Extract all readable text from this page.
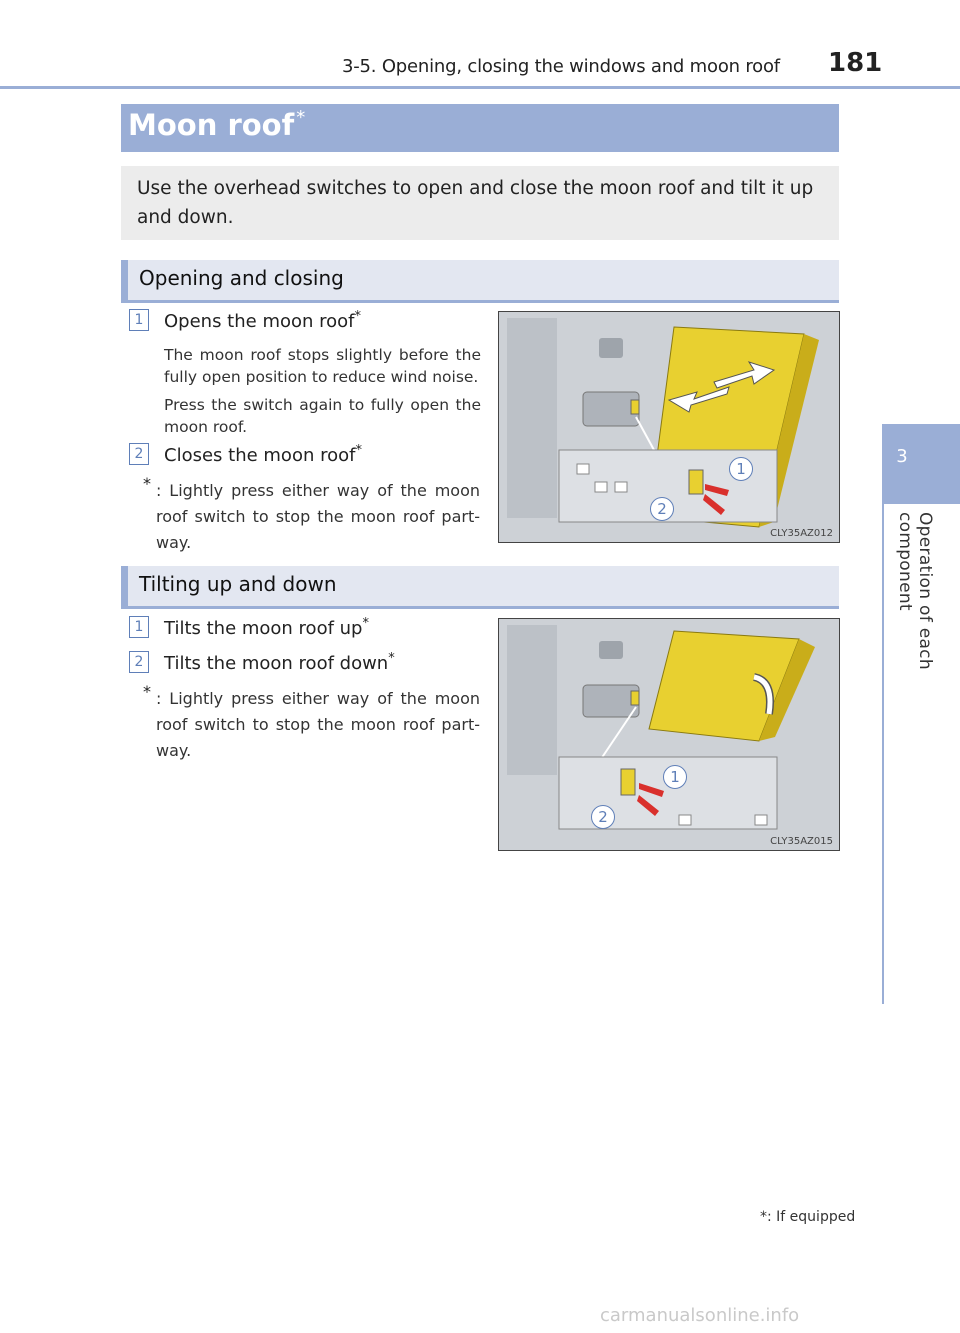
3-5. Opening, closing the windows and moon roof 181
3
Operation of each component
Moon roof *
Use the overhead switches to open and close the moon roof and tilt it up and down.
Opening and closing
1	Opens the moon roof*
The moon roof stops slightly before the fully open position to reduce wind noise.
Press the switch again to fully open the moon roof.
2	Closes the moon roof*
* : Lightly press either way of the moon roof switch to stop the moon roof part-way.
1
2
CLY35AZ012
Tilting up and down
1	Tilts the moon roof up*
2	Tilts the moon roof down*
* : Lightly press either way of the moon roof switch to stop the moon roof part-way.
1
2
CLY35AZ015
*: If equipped
carmanualsonline.info
